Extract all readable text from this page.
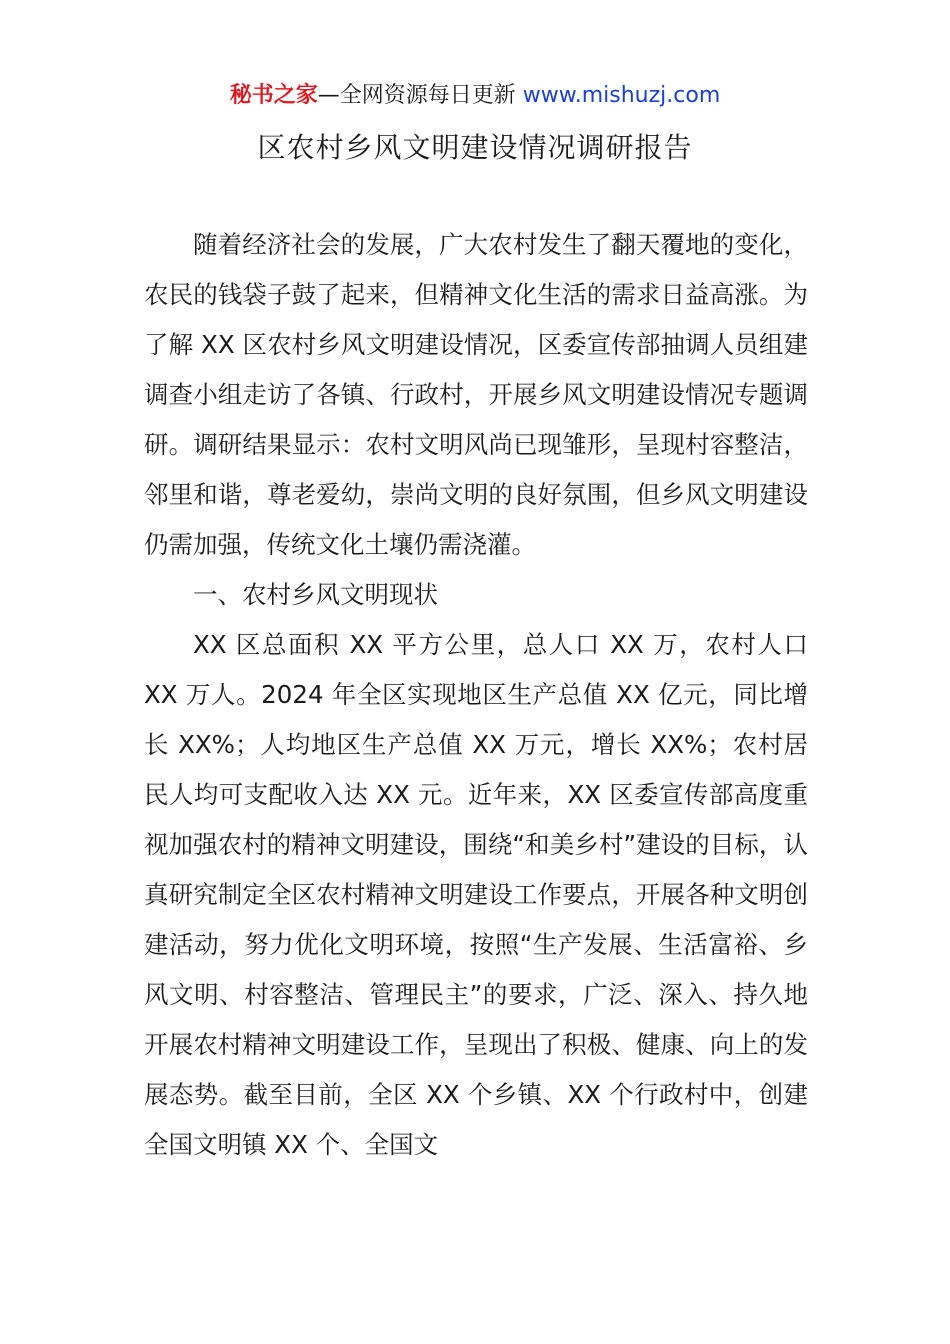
秘书之家—全网资源每日更新 www.mishuzj.com
区农村乡风文明建设情况调研报告

随着经济社会的发展，广大农村发生了翻天覆地的变化，农民的钱袋子鼓了起来，但精神文化生活的需求日益高涨。为了解 XX 区农村乡风文明建设情况，区委宣传部抽调人员组建调查小组走访了各镇、行政村，开展乡风文明建设情况专题调研。调研结果显示：农村文明风尚已现雏形，呈现村容整洁，邻里和谐，尊老爱幼，崇尚文明的良好氛围，但乡风文明建设仍需加强，传统文化土壤仍需浇灌。

一、农村乡风文明现状

XX 区总面积 XX 平方公里，总人口 XX 万，农村人口 XX 万人。2024 年全区实现地区生产总值 XX 亿元，同比增长 XX%；人均地区生产总值 XX 万元，增长 XX%；农村居民人均可支配收入达 XX 元。近年来，XX 区委宣传部高度重视加强农村的精神文明建设，围绕“和美乡村”建设的目标，认真研究制定全区农村精神文明建设工作要点，开展各种文明创建活动，努力优化文明环境，按照“生产发展、生活富裕、乡风文明、村容整洁、管理民主”的要求，广泛、深入、持久地开展农村精神文明建设工作，呈现出了积极、健康、向上的发展态势。截至目前，全区 XX 个乡镇、XX 个行政村中，创建全国文明镇 XX 个、全国文
